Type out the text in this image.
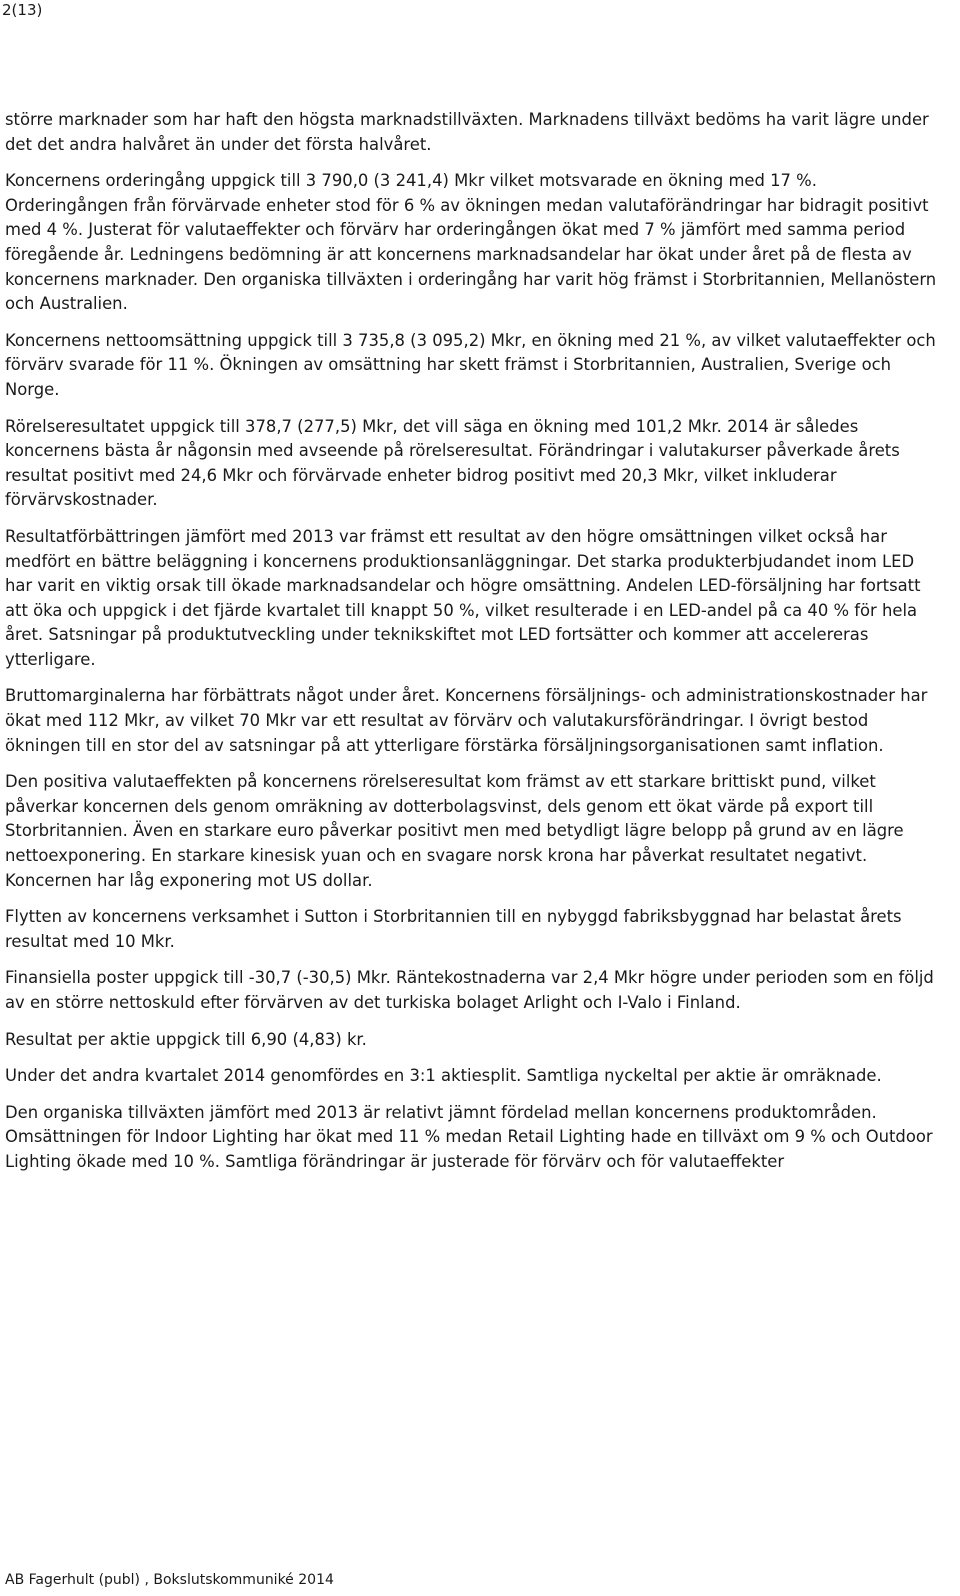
2(13)

större marknader som har haft den högsta marknadstillväxten. Marknadens tillväxt bedöms ha varit lägre under det det andra halvåret än under det första halvåret.

Koncernens orderingång uppgick till 3 790,0 (3 241,4) Mkr vilket motsvarade en ökning med 17 %. Orderingången från förvärvade enheter stod för 6 % av ökningen medan valutaförändringar har bidragit positivt med 4 %. Justerat för valutaeffekter och förvärv har orderingången ökat med 7 % jämfört med samma period föregående år. Ledningens bedömning är att koncernens marknadsandelar har ökat under året på de flesta av koncernens marknader. Den organiska tillväxten i orderingång har varit hög främst i Storbritannien, Mellanöstern och Australien.

Koncernens nettoomsättning uppgick till 3 735,8 (3 095,2) Mkr, en ökning med 21 %, av vilket valutaeffekter och förvärv svarade för 11 %. Ökningen av omsättning har skett främst i Storbritannien, Australien, Sverige och Norge.

Rörelseresultatet uppgick till 378,7 (277,5) Mkr, det vill säga en ökning med 101,2 Mkr. 2014 är således koncernens bästa år någonsin med avseende på rörelseresultat. Förändringar i valutakurser påverkade årets resultat positivt med 24,6 Mkr och förvärvade enheter bidrog positivt med 20,3 Mkr, vilket inkluderar förvärvskostnader.

Resultatförbättringen jämfört med 2013 var främst ett resultat av den högre omsättningen vilket också har medfört en bättre beläggning i koncernens produktionsanläggningar. Det starka produkterbjudandet inom LED har varit en viktig orsak till ökade marknadsandelar och högre omsättning. Andelen LED-försäljning har fortsatt att öka och uppgick i det fjärde kvartalet till knappt 50 %, vilket resulterade i en LED-andel på ca 40 % för hela året. Satsningar på produktutveckling under teknikskiftet mot LED fortsätter och kommer att accelereras ytterligare.

Bruttomarginalerna har förbättrats något under året. Koncernens försäljnings- och administrationskostnader har ökat med 112 Mkr, av vilket 70 Mkr var ett resultat av förvärv och valutakursförändringar. I övrigt bestod ökningen till en stor del av satsningar på att ytterligare förstärka försäljningsorganisationen samt inflation.

Den positiva valutaeffekten på koncernens rörelseresultat kom främst av ett starkare brittiskt pund, vilket påverkar koncernen dels genom omräkning av dotterbolagsvinst, dels genom ett ökat värde på export till Storbritannien. Även en starkare euro påverkar positivt men med betydligt lägre belopp på grund av en lägre nettoexponering. En starkare kinesisk yuan och en svagare norsk krona har påverkat resultatet negativt. Koncernen har låg exponering mot US dollar.

Flytten av koncernens verksamhet i Sutton i Storbritannien till en nybyggd fabriksbyggnad har belastat årets resultat med 10 Mkr.

Finansiella poster uppgick till -30,7 (-30,5) Mkr. Räntekostnaderna var 2,4 Mkr högre under perioden som en följd av en större nettoskuld efter förvärven av det turkiska bolaget Arlight och I-Valo i Finland.

Resultat per aktie uppgick till 6,90 (4,83) kr.

Under det andra kvartalet 2014 genomfördes en 3:1 aktiesplit. Samtliga nyckeltal per aktie är omräknade.

Den organiska tillväxten jämfört med 2013 är relativt jämnt fördelad mellan koncernens produktområden. Omsättningen för Indoor Lighting har ökat med 11 % medan Retail Lighting hade en tillväxt om 9 % och Outdoor Lighting ökade med 10 %. Samtliga förändringar är justerade för förvärv och för valutaeffekter

AB Fagerhult (publ) , Bokslutskommuniké 2014
